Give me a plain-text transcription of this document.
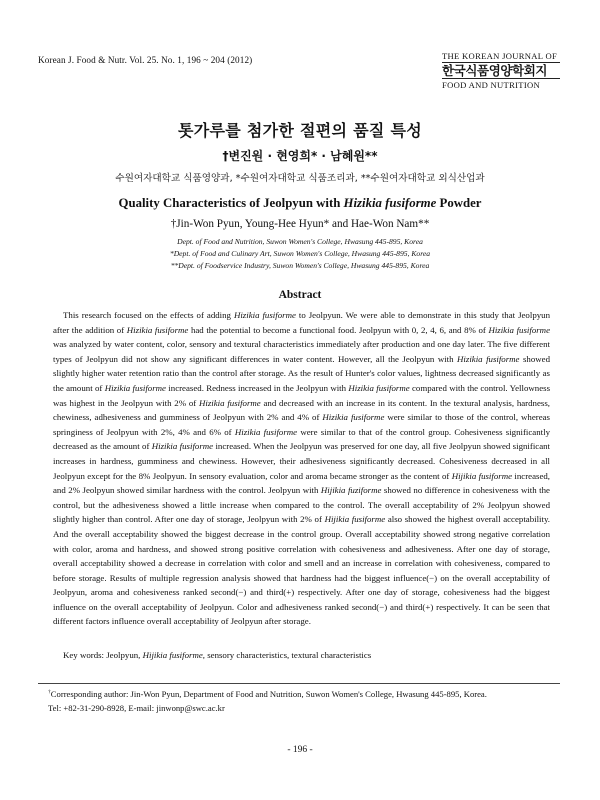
Korean J. Food & Nutr. Vol. 25. No. 1, 196 ~ 204 (2012)	THE KOREAN JOURNAL OF
한국식품영양학회지
FOOD AND NUTRITION
톳가루를 첨가한 절편의 품질 특성
†변진원 · 현영희* · 남혜원**
수원여자대학교 식품영양과, *수원여자대학교 식품조리과, **수원여자대학교 외식산업과
Quality Characteristics of Jeolpyun with Hizikia fusiforme Powder
†Jin-Won Pyun, Young-Hee Hyun* and Hae-Won Nam**
Dept. of Food and Nutrition, Suwon Women's College, Hwasung 445-895, Korea
*Dept. of Food and Culinary Art, Suwon Women's College, Hwasung 445-895, Korea
**Dept. of Foodservice Industry, Suwon Women's College, Hwasung 445-895, Korea
Abstract

This research focused on the effects of adding Hizikia fusiforme to Jeolpyun. We were able to demonstrate in this study that Jeolpyun after the addition of Hizikia fusiforme had the potential to become a functional food. Jeolpyun with 0, 2, 4, 6, and 8% of Hizikia fusiforme was analyzed by water content, color, sensory and textural characteristics immediately after production and one day later. The five different types of Jeolpyun did not show any significant differences in water content. However, all the Jeolpyun with Hizikia fusiforme showed slightly higher water retention ratio than the control after storage. As the result of Hunter's color values, lightness decreased significantly as the amount of Hizikia fusiforme increased. Redness increased in the Jeolpyun with Hizikia fusiforme compared with the control. Yellowness was highest in the Jeolpyun with 2% of Hizikia fusiforme and decreased with an increase in its content. In the textural analysis, hardness, chewiness, adhesiveness and gumminess of Jeolpyun with 2% and 4% of Hizikia fusiforme were similar to those of the control, whereas springiness of Jeolpyun with 2%, 4% and 6% of Hizikia fusiforme were similar to that of the control group. Cohesiveness significantly decreased as the amount of Hizikia fusiforme increased. When the Jeolpyun was preserved for one day, all five Jeolpyun showed significant increases in hardness, gumminess and chewiness. However, their adhesiveness significantly decreased. Cohesiveness decreased in all Jeolpyun except for the 8% Jeolpyun. In sensory evaluation, color and aroma became stronger as the content of Hijikia fusiforme increased, and 2% Jeolpyun showed similar hardness with the control. Jeolpyun with Hijikia fuziforme showed no difference in cohesiveness with the control, but the adhesiveness showed a little increase when compared to the control. The overall acceptability of 2% Jeolpyun showed slightly higher than control. After one day of storage, Jeolpyun with 2% of Hijikia fusiforme also showed the highest overall acceptability. And the overall acceptability showed the biggest decrease in the control group. Overall acceptability showed strong negative correlation with color, aroma and hardness, and showed strong positive correlation with cohesiveness and adhesiveness. After one day of storage, overall acceptability showed a decrease in correlation with color and smell and an increase in correlation with cohesiveness, compared to before storage. Results of multiple regression analysis showed that hardness had the biggest influence(−) on the overall acceptability of Jeolpyun, aroma and cohesiveness ranked second(−) and third(+) respectively. After one day of storage, cohesiveness had the biggest influence on the overall acceptability of Jeolpyun. Color and adhesiveness ranked second(−) and third(+) respectively. It can be seen that different factors influence overall acceptability of Jeolpyun after storage.

Key words: Jeolpyun, Hijikia fusiforme, sensory characteristics, textural characteristics
†Corresponding author: Jin-Won Pyun, Department of Food and Nutrition, Suwon Women's College, Hwasung 445-895, Korea.
Tel: +82-31-290-8928, E-mail: jinwonp@swc.ac.kr
- 196 -
